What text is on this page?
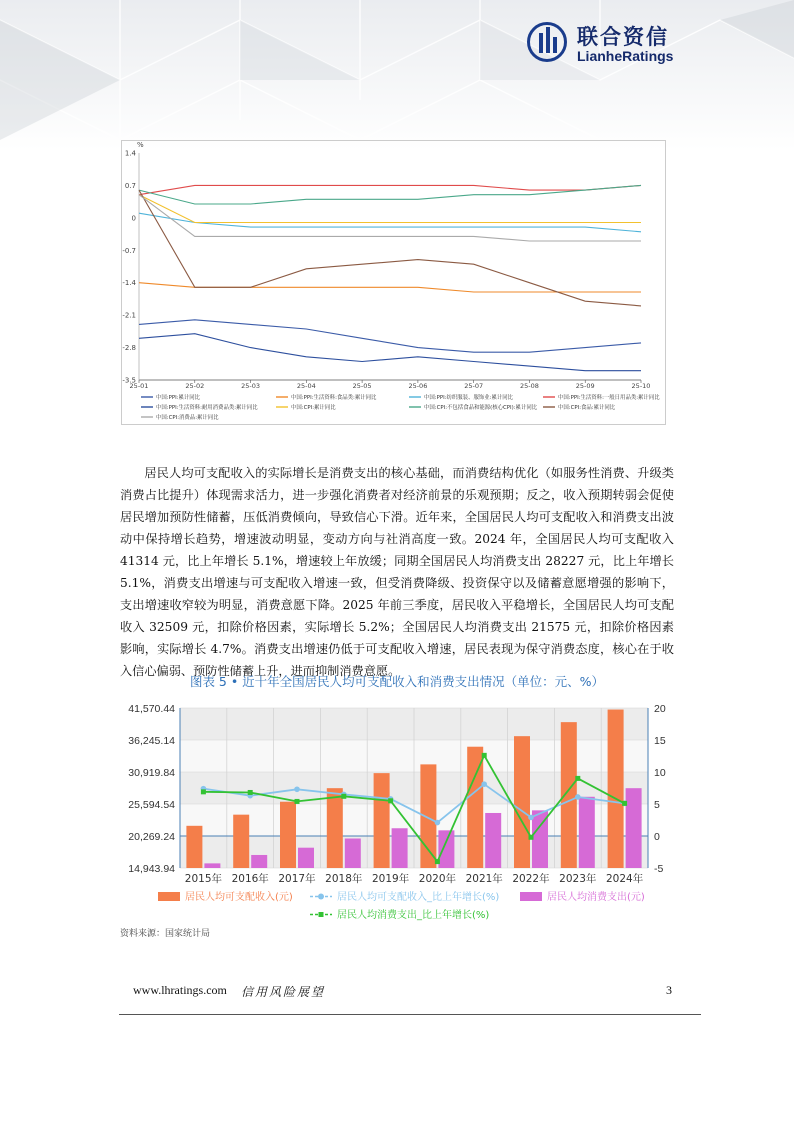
联合资信
LianheRatings
%
1.4
0.7
0
-0.7
-1.4
-2.1
-2.8
-3.5
25-01	25-02	25-03	25-04	25-05	25-06	25-07	25-08	25-09	25-10
中国:PPI:累计同比	中国:PPI:生活资料:食品类:累计同比	中国:PPI:纺织服装、服饰业:累计同比	中国:PPI:生活资料:一般日用品类:累计同比
中国:PPI:生活资料:耐用消费品类:累计同比	中国:CPI:累计同比	中国:CPI:不包括食品和能源(核心CPI):累计同比	中国:CPI:食品:累计同比
中国:CPI:消费品:累计同比

居民人均可支配收入的实际增长是消费支出的核心基础，而消费结构优化（如服务性消费、升级类消费占比提升）体现需求活力，进一步强化消费者对经济前景的乐观预期；反之，收入预期转弱会促使居民增加预防性储蓄，压低消费倾向，导致信心下滑。近年来，全国居民人均可支配收入和消费支出波动中保持增长趋势，增速波动明显，变动方向与社消高度一致。2024 年，全国居民人均可支配收入 41314 元，比上年增长 5.1%，增速较上年放缓；同期全国居民人均消费支出 28227 元，比上年增长 5.1%，消费支出增速与可支配收入增速一致，但受消费降级、投资保守以及储蓄意愿增强的影响下，支出增速收窄较为明显，消费意愿下降。2025 年前三季度，居民收入平稳增长，全国居民人均可支配收入 32509 元，扣除价格因素，实际增长 5.2%；全国居民人均消费支出 21575 元，扣除价格因素影响，实际增长 4.7%。消费支出增速仍低于可支配收入增速，居民表现为保守消费态度，核心在于收入信心偏弱、预防性储蓄上升，进而抑制消费意愿。

图表 5 • 近十年全国居民人均可支配收入和消费支出情况（单位：元、%）
41,570.44
36,245.14
30,919.84
25,594.54
20,269.24
14,943.94
20
15
10
5
0
-5
2015年 2016年 2017年 2018年 2019年 2020年 2021年 2022年 2023年 2024年
居民人均可支配收入(元)	居民人均可支配收入_比上年增长(%)	居民人均消费支出(元)
居民人均消费支出_比上年增长(%)
资料来源：国家统计局
www.lhratings.com 信用风险展望	3
